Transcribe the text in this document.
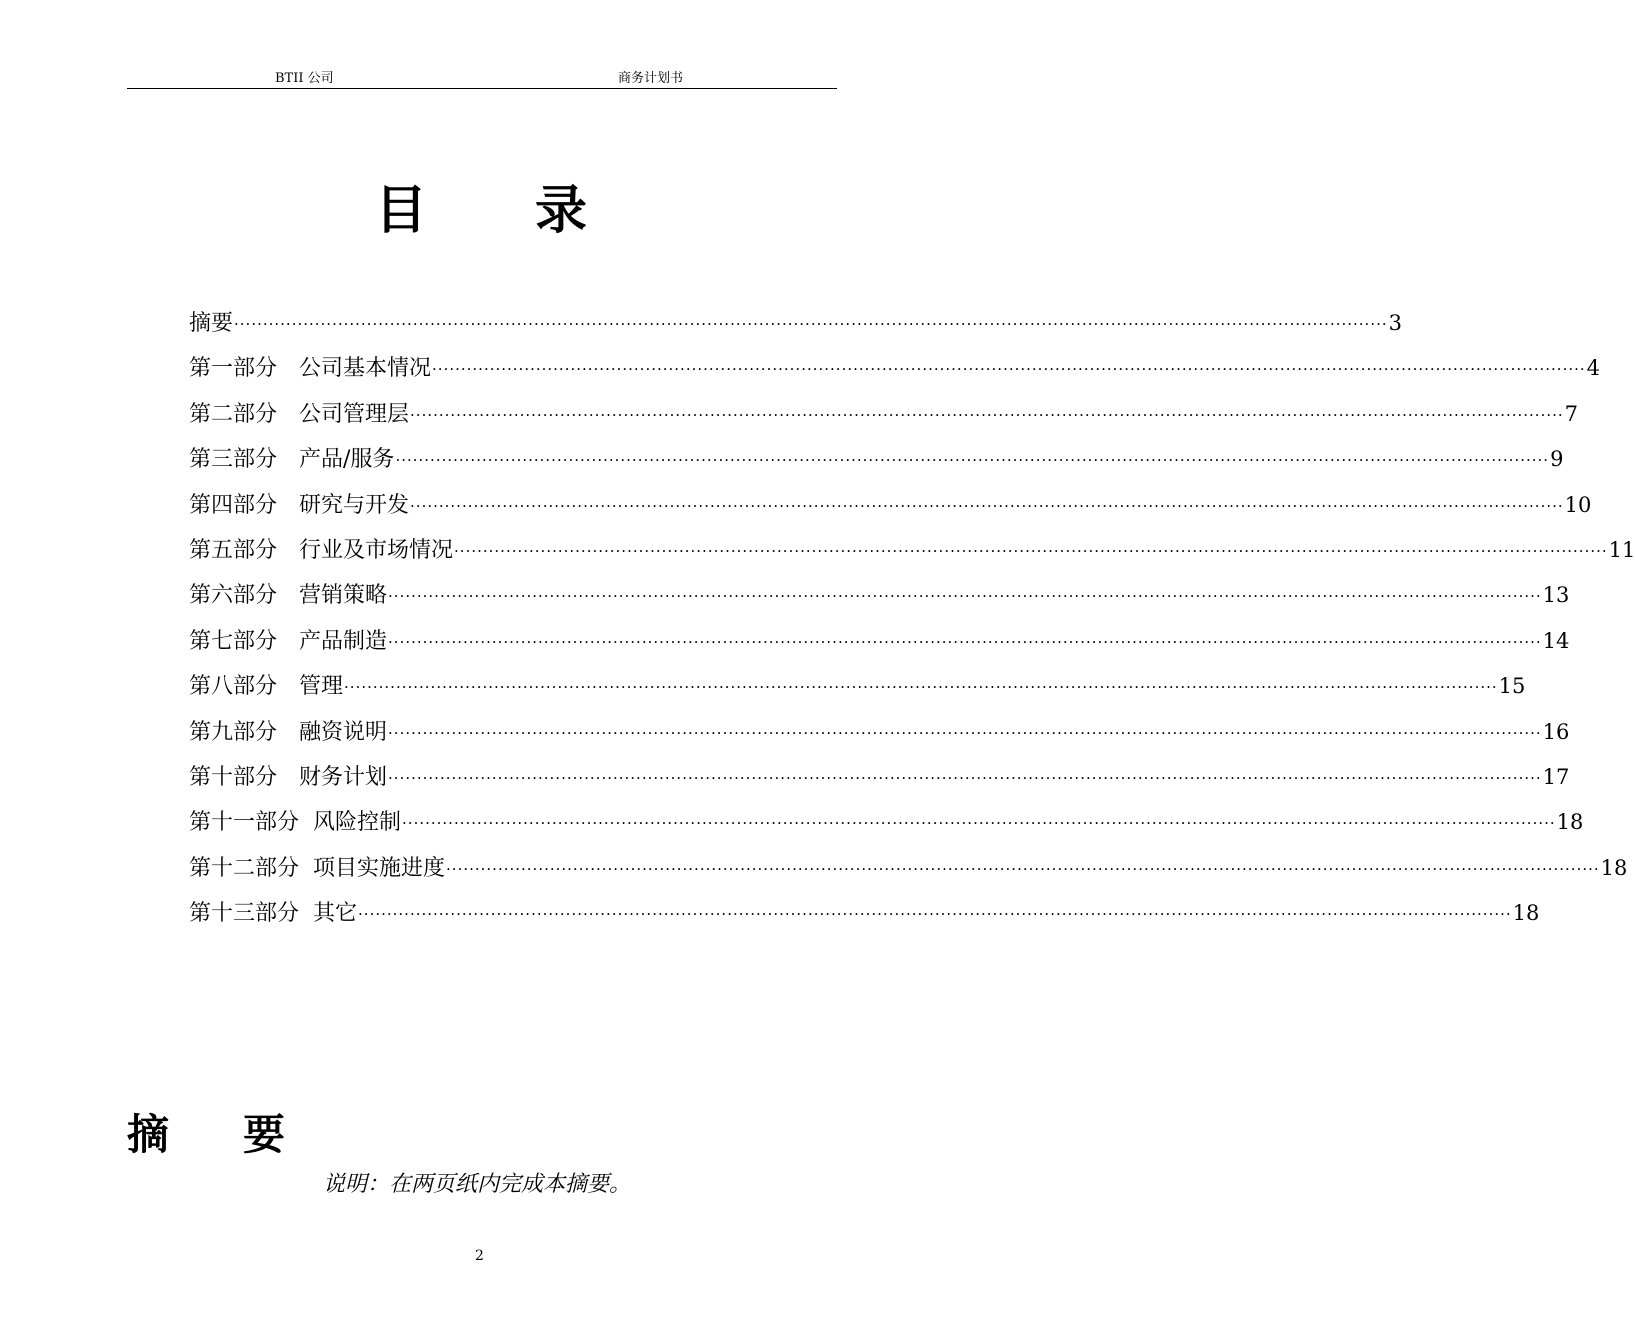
BTII 公司	商务计划书
目 录
摘要 ········································································································································································································ 3
第一部分 公司基本情况 ········································································································································································································ 4
第二部分 公司管理层 ········································································································································································································ 7
第三部分 产品/服务 ········································································································································································································ 9
第四部分 研究与开发 ········································································································································································································ 10
第五部分 行业及市场情况 ········································································································································································································ 11
第六部分 营销策略 ········································································································································································································ 13
第七部分 产品制造 ········································································································································································································ 14
第八部分 管理 ········································································································································································································ 15
第九部分 融资说明 ········································································································································································································ 16
第十部分 财务计划 ········································································································································································································ 17
第十一部分 风险控制 ········································································································································································································ 18
第十二部分 项目实施进度 ········································································································································································································ 18
第十三部分 其它 ········································································································································································································ 18
摘 要
说明：在两页纸内完成本摘要。
2
